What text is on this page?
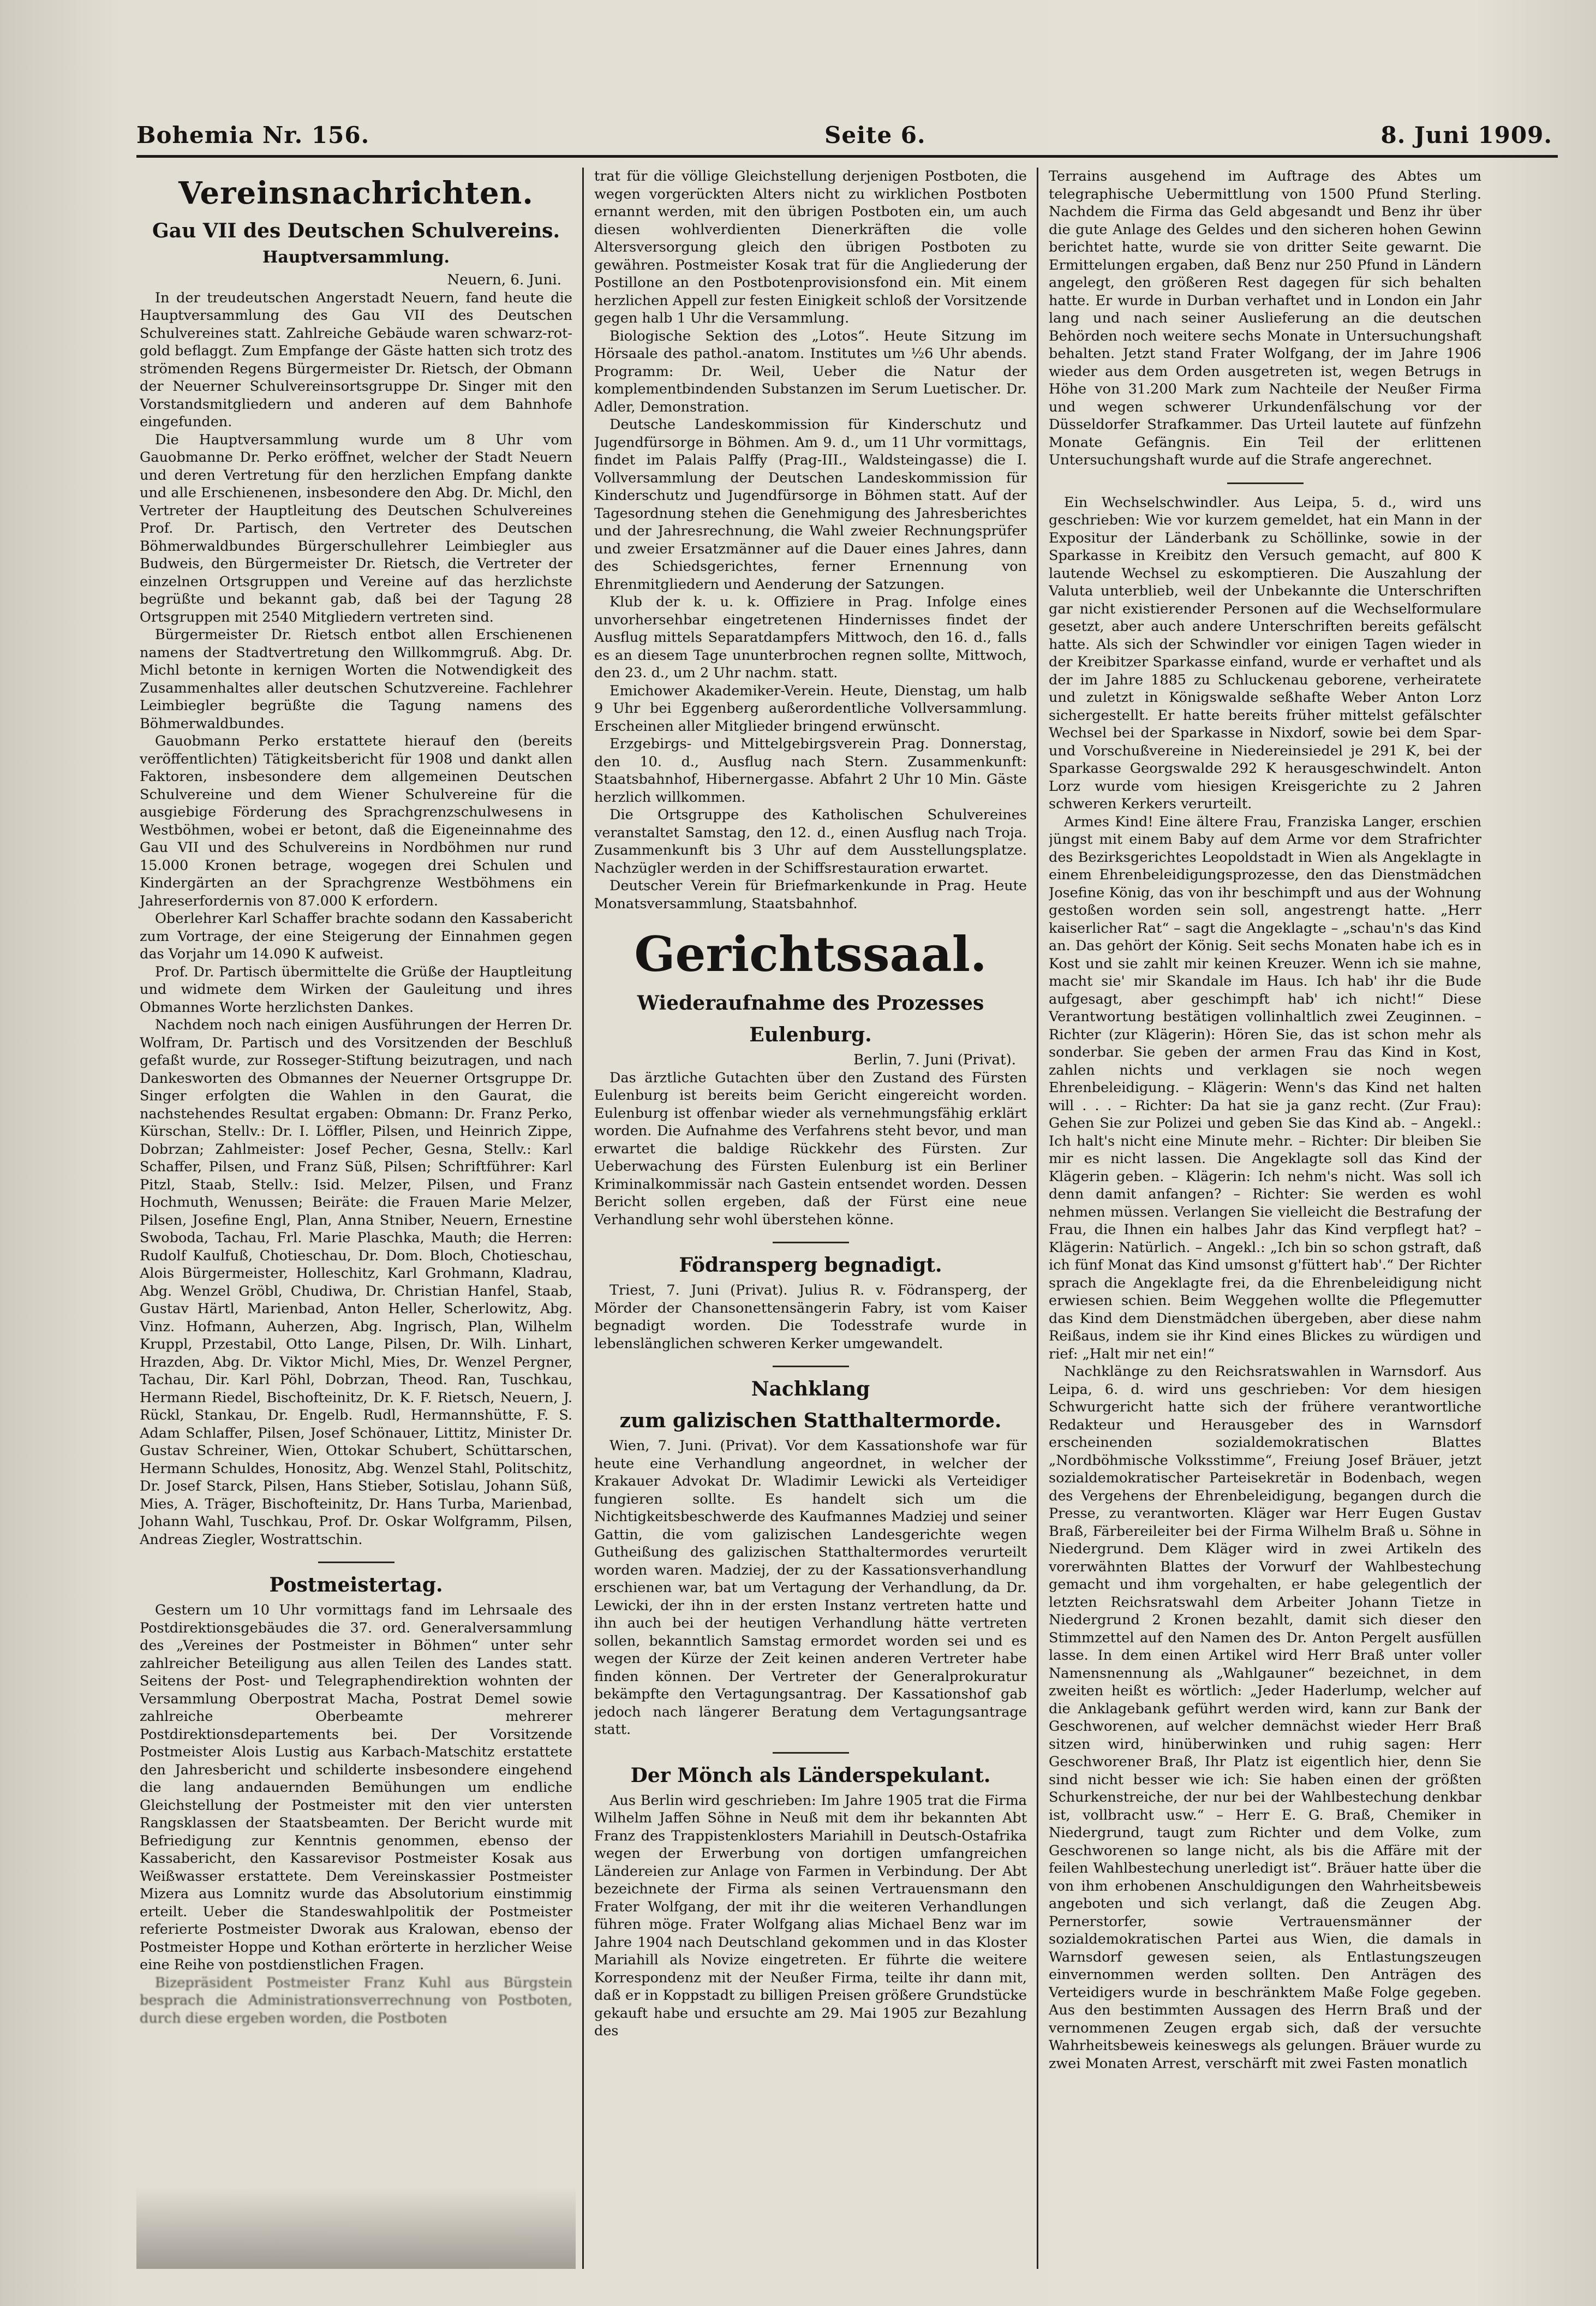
Bohemia Nr. 156.	Seite 6.	8. Juni 1909.
Vereinsnachrichten.
Gau VII des Deutschen Schulvereins.
Hauptversammlung.
Neuern, 6. Juni.

In der treudeutschen Angerstadt Neuern, fand heute die Hauptversammlung des Gau VII des Deutschen Schulvereines statt. Zahlreiche Gebäude waren schwarz-rot-gold beflaggt. Zum Empfange der Gäste hatten sich trotz des strömenden Regens Bürgermeister Dr. Rietsch, der Obmann der Neuerner Schulvereinsortsgruppe Dr. Singer mit den Vorstandsmitgliedern und anderen auf dem Bahnhofe eingefunden.

Die Hauptversammlung wurde um 8 Uhr vom Gauobmanne Dr. Perko eröffnet, welcher der Stadt Neuern und deren Vertretung für den herzlichen Empfang dankte und alle Erschienenen, insbesondere den Abg. Dr. Michl, den Vertreter der Hauptleitung des Deutschen Schulvereines Prof. Dr. Partisch, den Vertreter des Deutschen Böhmerwaldbundes Bürgerschullehrer Leimbiegler aus Budweis, den Bürgermeister Dr. Rietsch, die Vertreter der einzelnen Ortsgruppen und Vereine auf das herzlichste begrüßte und bekannt gab, daß bei der Tagung 28 Ortsgruppen mit 2540 Mitgliedern vertreten sind.

Bürgermeister Dr. Rietsch entbot allen Erschienenen namens der Stadtvertretung den Willkommgruß. Abg. Dr. Michl betonte in kernigen Worten die Notwendigkeit des Zusammenhaltes aller deutschen Schutzvereine. Fachlehrer Leimbiegler begrüßte die Tagung namens des Böhmerwaldbundes.

Gauobmann Perko erstattete hierauf den (bereits veröffentlichten) Tätigkeitsbericht für 1908 und dankt allen Faktoren, insbesondere dem allgemeinen Deutschen Schulvereine und dem Wiener Schulvereine für die ausgiebige Förderung des Sprachgrenzschulwesens in Westböhmen, wobei er betont, daß die Eigeneinnahme des Gau VII und des Schulvereins in Nordböhmen nur rund 15.000 Kronen betrage, wogegen drei Schulen und Kindergärten an der Sprachgrenze Westböhmens ein Jahreserfordernis von 87.000 K erfordern.

Oberlehrer Karl Schaffer brachte sodann den Kassabericht zum Vortrage, der eine Steigerung der Einnahmen gegen das Vorjahr um 14.090 K aufweist.

Prof. Dr. Partisch übermittelte die Grüße der Hauptleitung und widmete dem Wirken der Gauleitung und ihres Obmannes Worte herzlichsten Dankes.

Nachdem noch nach einigen Ausführungen der Herren Dr. Wolfram, Dr. Partisch und des Vorsitzenden der Beschluß gefaßt wurde, zur Rosseger-Stiftung beizutragen, und nach Dankesworten des Obmannes der Neuerner Ortsgruppe Dr. Singer erfolgten die Wahlen in den Gaurat, die nachstehendes Resultat ergaben: Obmann: Dr. Franz Perko, Kürschan, Stellv.: Dr. I. Löffler, Pilsen, und Heinrich Zippe, Dobrzan; Zahlmeister: Josef Pecher, Gesna, Stellv.: Karl Schaffer, Pilsen, und Franz Süß, Pilsen; Schriftführer: Karl Pitzl, Staab, Stellv.: Isid. Melzer, Pilsen, und Franz Hochmuth, Wenussen; Beiräte: die Frauen Marie Melzer, Pilsen, Josefine Engl, Plan, Anna Stniber, Neuern, Ernestine Swoboda, Tachau, Frl. Marie Plaschka, Mauth; die Herren: Rudolf Kaulfuß, Chotieschau, Dr. Dom. Bloch, Chotieschau, Alois Bürgermeister, Holleschitz, Karl Grohmann, Kladrau, Abg. Wenzel Gröbl, Chudiwa, Dr. Christian Hanfel, Staab, Gustav Härtl, Marienbad, Anton Heller, Scherlowitz, Abg. Vinz. Hofmann, Auherzen, Abg. Ingrisch, Plan, Wilhelm Kruppl, Przestabil, Otto Lange, Pilsen, Dr. Wilh. Linhart, Hrazden, Abg. Dr. Viktor Michl, Mies, Dr. Wenzel Pergner, Tachau, Dir. Karl Pöhl, Dobrzan, Theod. Ran, Tuschkau, Hermann Riedel, Bischofteinitz, Dr. K. F. Rietsch, Neuern, J. Rückl, Stankau, Dr. Engelb. Rudl, Hermannshütte, F. S. Adam Schlaffer, Pilsen, Josef Schönauer, Littitz, Minister Dr. Gustav Schreiner, Wien, Ottokar Schubert, Schüttarschen, Hermann Schuldes, Honositz, Abg. Wenzel Stahl, Politschitz, Dr. Josef Starck, Pilsen, Hans Stieber, Sotislau, Johann Süß, Mies, A. Träger, Bischofteinitz, Dr. Hans Turba, Marienbad, Johann Wahl, Tuschkau, Prof. Dr. Oskar Wolfgramm, Pilsen, Andreas Ziegler, Wostrattschin.

Postmeistertag.

Gestern um 10 Uhr vormittags fand im Lehrsaale des Postdirektionsgebäudes die 37. ord. Generalversammlung des „Vereines der Postmeister in Böhmen“ unter sehr zahlreicher Beteiligung aus allen Teilen des Landes statt. Seitens der Post- und Telegraphendirektion wohnten der Versammlung Oberpostrat Macha, Postrat Demel sowie zahlreiche Oberbeamte mehrerer Postdirektionsdepartements bei. Der Vorsitzende Postmeister Alois Lustig aus Karbach-Matschitz erstattete den Jahresbericht und schilderte insbesondere eingehend die lang andauernden Bemühungen um endliche Gleichstellung der Postmeister mit den vier untersten Rangsklassen der Staatsbeamten. Der Bericht wurde mit Befriedigung zur Kenntnis genommen, ebenso der Kassabericht, den Kassarevisor Postmeister Kosak aus Weißwasser erstattete. Dem Vereinskassier Postmeister Mizera aus Lomnitz wurde das Absolutorium einstimmig erteilt. Ueber die Standeswahlpolitik der Postmeister referierte Postmeister Dworak aus Kralowan, ebenso der Postmeister Hoppe und Kothan erörterte in herzlicher Weise eine Reihe von postdienstlichen Fragen.

Bizepräsident Postmeister Franz Kuhl aus Bürgstein besprach die Administrationsverrechnung von Postboten, durch diese ergeben worden, die Postboten

trat für die völlige Gleichstellung derjenigen Postboten, die wegen vorgerückten Alters nicht zu wirklichen Postboten ernannt werden, mit den übrigen Postboten ein, um auch diesen wohlverdienten Dienerkräften die volle Altersversorgung gleich den übrigen Postboten zu gewähren. Postmeister Kosak trat für die Angliederung der Postillone an den Postbotenprovisionsfond ein. Mit einem herzlichen Appell zur festen Einigkeit schloß der Vorsitzende gegen halb 1 Uhr die Versammlung.

Biologische Sektion des „Lotos“. Heute Sitzung im Hörsaale des pathol.-anatom. Institutes um ½6 Uhr abends. Programm: Dr. Weil, Ueber die Natur der komplementbindenden Substanzen im Serum Luetischer. Dr. Adler, Demonstration.

Deutsche Landeskommission für Kinderschutz und Jugendfürsorge in Böhmen. Am 9. d., um 11 Uhr vormittags, findet im Palais Palffy (Prag-III., Waldsteingasse) die I. Vollversammlung der Deutschen Landeskommission für Kinderschutz und Jugendfürsorge in Böhmen statt. Auf der Tagesordnung stehen die Genehmigung des Jahresberichtes und der Jahresrechnung, die Wahl zweier Rechnungsprüfer und zweier Ersatzmänner auf die Dauer eines Jahres, dann des Schiedsgerichtes, ferner Ernennung von Ehrenmitgliedern und Aenderung der Satzungen.

Klub der k. u. k. Offiziere in Prag. Infolge eines unvorhersehbar eingetretenen Hindernisses findet der Ausflug mittels Separatdampfers Mittwoch, den 16. d., falls es an diesem Tage ununterbrochen regnen sollte, Mittwoch, den 23. d., um 2 Uhr nachm. statt.

Emichower Akademiker-Verein. Heute, Dienstag, um halb 9 Uhr bei Eggenberg außerordentliche Vollversammlung. Erscheinen aller Mitglieder bringend erwünscht.

Erzgebirgs- und Mittelgebirgsverein Prag. Donnerstag, den 10. d., Ausflug nach Stern. Zusammenkunft: Staatsbahnhof, Hibernergasse. Abfahrt 2 Uhr 10 Min. Gäste herzlich willkommen.

Die Ortsgruppe des Katholischen Schulvereines veranstaltet Samstag, den 12. d., einen Ausflug nach Troja. Zusammenkunft bis 3 Uhr auf dem Ausstellungsplatze. Nachzügler werden in der Schiffsrestauration erwartet.

Deutscher Verein für Briefmarkenkunde in Prag. Heute Monatsversammlung, Staatsbahnhof.

Gerichtssaal.
Wiederaufnahme des Prozesses
Eulenburg.
Berlin, 7. Juni (Privat).

Das ärztliche Gutachten über den Zustand des Fürsten Eulenburg ist bereits beim Gericht eingereicht worden. Eulenburg ist offenbar wieder als vernehmungsfähig erklärt worden. Die Aufnahme des Verfahrens steht bevor, und man erwartet die baldige Rückkehr des Fürsten. Zur Ueberwachung des Fürsten Eulenburg ist ein Berliner Kriminalkommissär nach Gastein entsendet worden. Dessen Bericht sollen ergeben, daß der Fürst eine neue Verhandlung sehr wohl überstehen könne.

Födransperg begnadigt.

Triest, 7. Juni (Privat). Julius R. v. Födransperg, der Mörder der Chansonettensängerin Fabry, ist vom Kaiser begnadigt worden. Die Todesstrafe wurde in lebenslänglichen schweren Kerker umgewandelt.

Nachklang
zum galizischen Statthaltermorde.

Wien, 7. Juni. (Privat). Vor dem Kassationshofe war für heute eine Verhandlung angeordnet, in welcher der Krakauer Advokat Dr. Wladimir Lewicki als Verteidiger fungieren sollte. Es handelt sich um die Nichtigkeitsbeschwerde des Kaufmannes Madziej und seiner Gattin, die vom galizischen Landesgerichte wegen Gutheißung des galizischen Statthaltermordes verurteilt worden waren. Madziej, der zu der Kassationsverhandlung erschienen war, bat um Vertagung der Verhandlung, da Dr. Lewicki, der ihn in der ersten Instanz vertreten hatte und ihn auch bei der heutigen Verhandlung hätte vertreten sollen, bekanntlich Samstag ermordet worden sei und es wegen der Kürze der Zeit keinen anderen Vertreter habe finden können. Der Vertreter der Generalprokuratur bekämpfte den Vertagungsantrag. Der Kassationshof gab jedoch nach längerer Beratung dem Vertagungsantrage statt.

Der Mönch als Länderspekulant.

Aus Berlin wird geschrieben: Im Jahre 1905 trat die Firma Wilhelm Jaffen Söhne in Neuß mit dem ihr bekannten Abt Franz des Trappistenklosters Mariahill in Deutsch-Ostafrika wegen der Erwerbung von dortigen umfangreichen Ländereien zur Anlage von Farmen in Verbindung. Der Abt bezeichnete der Firma als seinen Vertrauensmann den Frater Wolfgang, der mit ihr die weiteren Verhandlungen führen möge. Frater Wolfgang alias Michael Benz war im Jahre 1904 nach Deutschland gekommen und in das Kloster Mariahill als Novize eingetreten. Er führte die weitere Korrespondenz mit der Neußer Firma, teilte ihr dann mit, daß er in Koppstadt zu billigen Preisen größere Grundstücke gekauft habe und ersuchte am 29. Mai 1905 zur Bezahlung des

Terrains ausgehend im Auftrage des Abtes um telegraphische Uebermittlung von 1500 Pfund Sterling. Nachdem die Firma das Geld abgesandt und Benz ihr über die gute Anlage des Geldes und den sicheren hohen Gewinn berichtet hatte, wurde sie von dritter Seite gewarnt. Die Ermittelungen ergaben, daß Benz nur 250 Pfund in Ländern angelegt, den größeren Rest dagegen für sich behalten hatte. Er wurde in Durban verhaftet und in London ein Jahr lang und nach seiner Auslieferung an die deutschen Behörden noch weitere sechs Monate in Untersuchungshaft behalten. Jetzt stand Frater Wolfgang, der im Jahre 1906 wieder aus dem Orden ausgetreten ist, wegen Betrugs in Höhe von 31.200 Mark zum Nachteile der Neußer Firma und wegen schwerer Urkundenfälschung vor der Düsseldorfer Strafkammer. Das Urteil lautete auf fünfzehn Monate Gefängnis. Ein Teil der erlittenen Untersuchungshaft wurde auf die Strafe angerechnet.

Ein Wechselschwindler. Aus Leipa, 5. d., wird uns geschrieben: Wie vor kurzem gemeldet, hat ein Mann in der Expositur der Länderbank zu Schöllinke, sowie in der Sparkasse in Kreibitz den Versuch gemacht, auf 800 K lautende Wechsel zu eskomptieren. Die Auszahlung der Valuta unterblieb, weil der Unbekannte die Unterschriften gar nicht existierender Personen auf die Wechselformulare gesetzt, aber auch andere Unterschriften bereits gefälscht hatte. Als sich der Schwindler vor einigen Tagen wieder in der Kreibitzer Sparkasse einfand, wurde er verhaftet und als der im Jahre 1885 zu Schluckenau geborene, verheiratete und zuletzt in Königswalde seßhafte Weber Anton Lorz sichergestellt. Er hatte bereits früher mittelst gefälschter Wechsel bei der Sparkasse in Nixdorf, sowie bei dem Spar- und Vorschußvereine in Niedereinsiedel je 291 K, bei der Sparkasse Georgswalde 292 K herausgeschwindelt. Anton Lorz wurde vom hiesigen Kreisgerichte zu 2 Jahren schweren Kerkers verurteilt.

Armes Kind! Eine ältere Frau, Franziska Langer, erschien jüngst mit einem Baby auf dem Arme vor dem Strafrichter des Bezirksgerichtes Leopoldstadt in Wien als Angeklagte in einem Ehrenbeleidigungsprozesse, den das Dienstmädchen Josefine König, das von ihr beschimpft und aus der Wohnung gestoßen worden sein soll, angestrengt hatte. „Herr kaiserlicher Rat“ – sagt die Angeklagte – „schau'n's das Kind an. Das gehört der König. Seit sechs Monaten habe ich es in Kost und sie zahlt mir keinen Kreuzer. Wenn ich sie mahne, macht sie' mir Skandale im Haus. Ich hab' ihr die Bude aufgesagt, aber geschimpft hab' ich nicht!“ Diese Verantwortung bestätigen vollinhaltlich zwei Zeuginnen. – Richter (zur Klägerin): Hören Sie, das ist schon mehr als sonderbar. Sie geben der armen Frau das Kind in Kost, zahlen nichts und verklagen sie noch wegen Ehrenbeleidigung. – Klägerin: Wenn's das Kind net halten will . . . – Richter: Da hat sie ja ganz recht. (Zur Frau): Gehen Sie zur Polizei und geben Sie das Kind ab. – Angekl.: Ich halt's nicht eine Minute mehr. – Richter: Dir bleiben Sie mir es nicht lassen. Die Angeklagte soll das Kind der Klägerin geben. – Klägerin: Ich nehm's nicht. Was soll ich denn damit anfangen? – Richter: Sie werden es wohl nehmen müssen. Verlangen Sie vielleicht die Bestrafung der Frau, die Ihnen ein halbes Jahr das Kind verpflegt hat? – Klägerin: Natürlich. – Angekl.: „Ich bin so schon gstraft, daß ich fünf Monat das Kind umsonst g'füttert hab'.“ Der Richter sprach die Angeklagte frei, da die Ehrenbeleidigung nicht erwiesen schien. Beim Weggehen wollte die Pflegemutter das Kind dem Dienstmädchen übergeben, aber diese nahm Reißaus, indem sie ihr Kind eines Blickes zu würdigen und rief: „Halt mir net ein!“

Nachklänge zu den Reichsratswahlen in Warnsdorf. Aus Leipa, 6. d. wird uns geschrieben: Vor dem hiesigen Schwurgericht hatte sich der frühere verantwortliche Redakteur und Herausgeber des in Warnsdorf erscheinenden sozialdemokratischen Blattes „Nordböhmische Volksstimme“, Freiung Josef Bräuer, jetzt sozialdemokratischer Parteisekretär in Bodenbach, wegen des Vergehens der Ehrenbeleidigung, begangen durch die Presse, zu verantworten. Kläger war Herr Eugen Gustav Braß, Färbereileiter bei der Firma Wilhelm Braß u. Söhne in Niedergrund. Dem Kläger wird in zwei Artikeln des vorerwähnten Blattes der Vorwurf der Wahlbestechung gemacht und ihm vorgehalten, er habe gelegentlich der letzten Reichsratswahl dem Arbeiter Johann Tietze in Niedergrund 2 Kronen bezahlt, damit sich dieser den Stimmzettel auf den Namen des Dr. Anton Pergelt ausfüllen lasse. In dem einen Artikel wird Herr Braß unter voller Namensnennung als „Wahlgauner“ bezeichnet, in dem zweiten heißt es wörtlich: „Jeder Haderlump, welcher auf die Anklagebank geführt werden wird, kann zur Bank der Geschworenen, auf welcher demnächst wieder Herr Braß sitzen wird, hinüberwinken und ruhig sagen: Herr Geschworener Braß, Ihr Platz ist eigentlich hier, denn Sie sind nicht besser wie ich: Sie haben einen der größten Schurkenstreiche, der nur bei der Wahlbestechung denkbar ist, vollbracht usw.“ – Herr E. G. Braß, Chemiker in Niedergrund, taugt zum Richter und dem Volke, zum Geschworenen so lange nicht, als bis die Affäre mit der feilen Wahlbestechung unerledigt ist“. Bräuer hatte über die von ihm erhobenen Anschuldigungen den Wahrheitsbeweis angeboten und sich verlangt, daß die Zeugen Abg. Pernerstorfer, sowie Vertrauensmänner der sozialdemokratischen Partei aus Wien, die damals in Warnsdorf gewesen seien, als Entlastungszeugen einvernommen werden sollten. Den Anträgen des Verteidigers wurde in beschränktem Maße Folge gegeben. Aus den bestimmten Aussagen des Herrn Braß und der vernommenen Zeugen ergab sich, daß der versuchte Wahrheitsbeweis keineswegs als gelungen. Bräuer wurde zu zwei Monaten Arrest, verschärft mit zwei Fasten monatlich
